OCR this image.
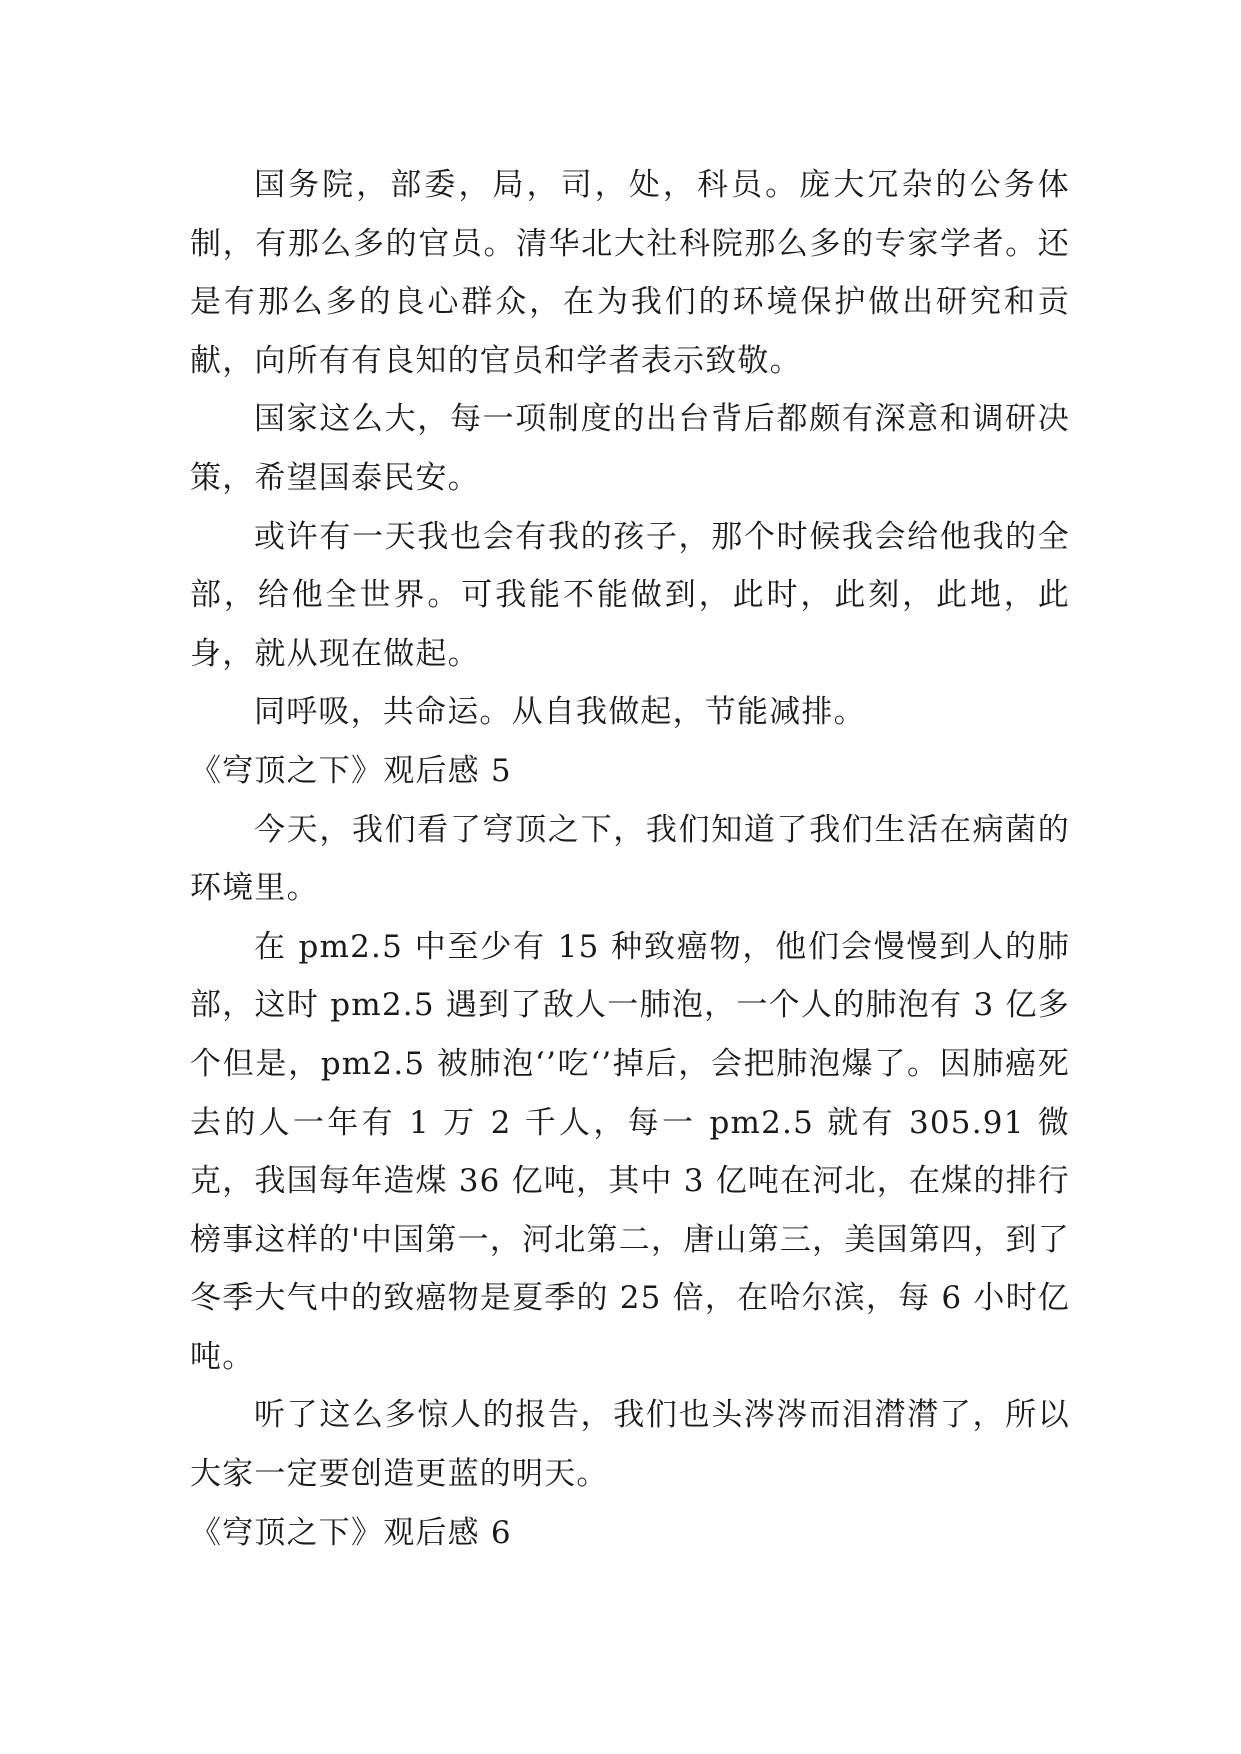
国务院，部委，局，司，处，科员。庞大冗杂的公务体制，有那么多的官员。清华北大社科院那么多的专家学者。还是有那么多的良心群众，在为我们的环境保护做出研究和贡献，向所有有良知的官员和学者表示致敬。

国家这么大，每一项制度的出台背后都颇有深意和调研决策，希望国泰民安。

或许有一天我也会有我的孩子，那个时候我会给他我的全部，给他全世界。可我能不能做到，此时，此刻，此地，此身，就从现在做起。

同呼吸，共命运。从自我做起，节能减排。

《穹顶之下》观后感 5

今天，我们看了穹顶之下，我们知道了我们生活在病菌的环境里。

在 pm2.5 中至少有 15 种致癌物，他们会慢慢到人的肺部，这时 pm2.5 遇到了敌人一肺泡，一个人的肺泡有 3 亿多个但是，pm2.5 被肺泡‘’吃‘’掉后，会把肺泡爆了。因肺癌死去的人一年有 1 万 2 千人，每一 pm2.5 就有 305.91 微克，我国每年造煤 36 亿吨，其中 3 亿吨在河北，在煤的排行榜事这样的'中国第一，河北第二，唐山第三，美国第四，到了冬季大气中的致癌物是夏季的 25 倍，在哈尔滨，每 6 小时亿吨。

听了这么多惊人的报告，我们也头涔涔而泪潸潸了，所以大家一定要创造更蓝的明天。

《穹顶之下》观后感 6
